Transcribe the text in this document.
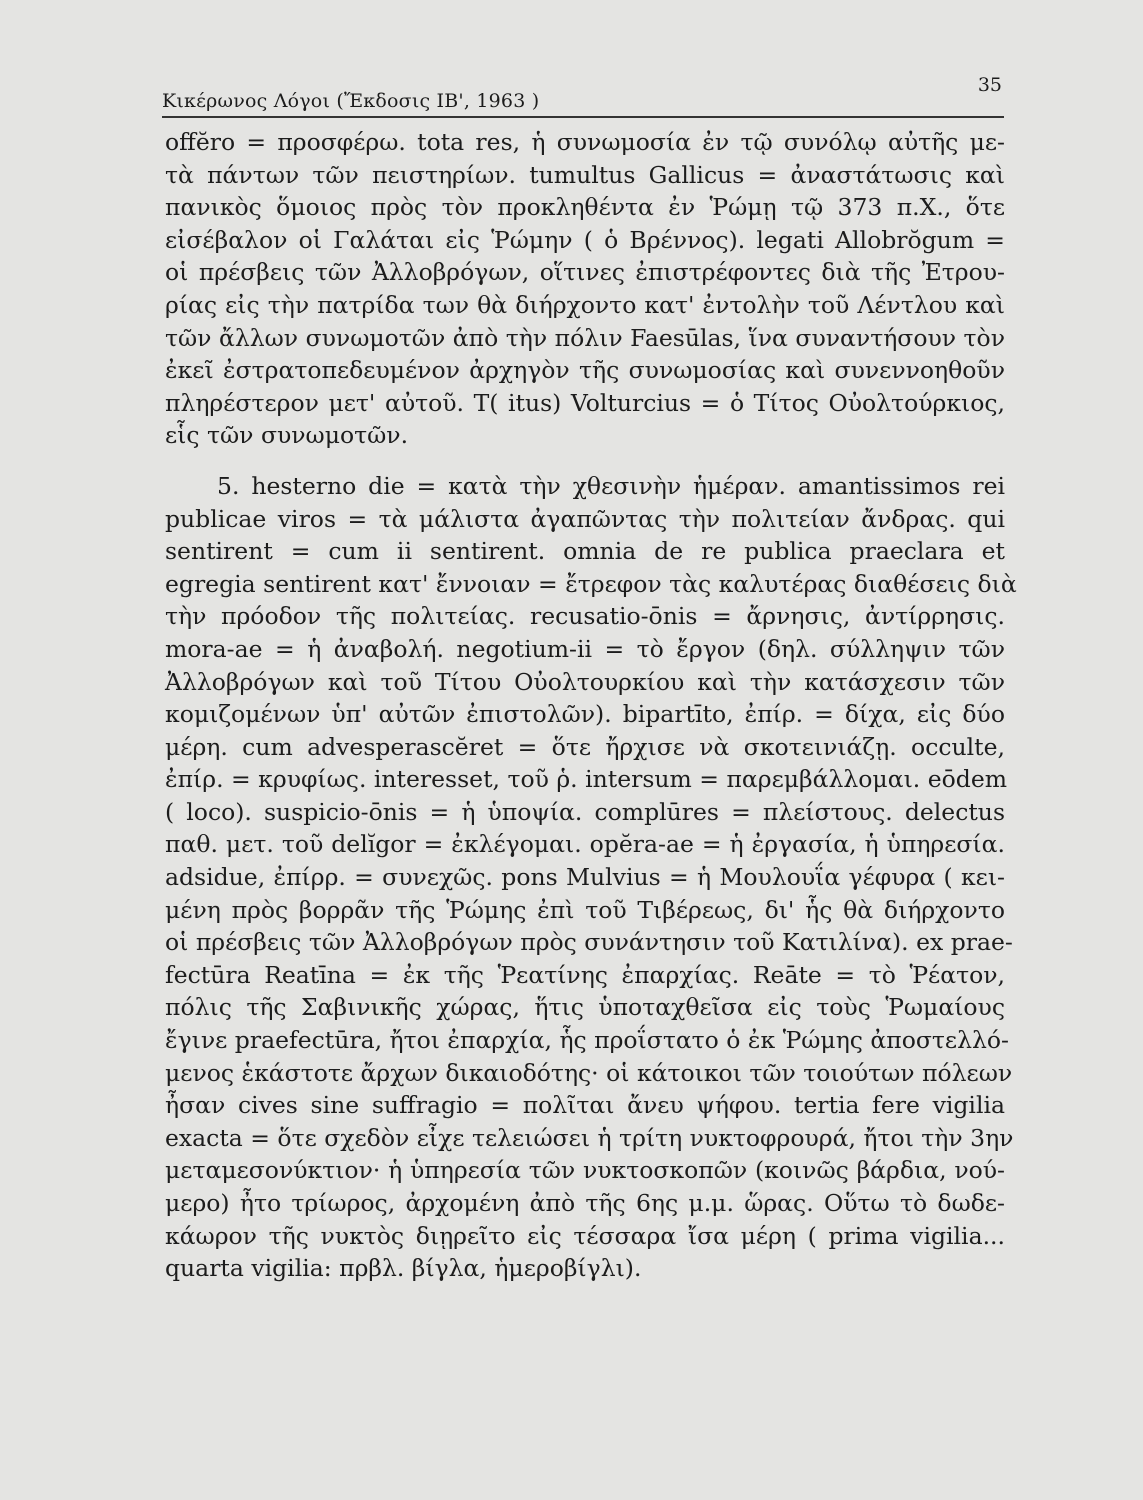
Κικέρωνος Λόγοι (Ἔκδοσις ΙΒ', 1963 )
35
offĕro = προσφέρω. tota res, ἡ συνωμοσία ἐν τῷ συνόλῳ αὐτῆς με-
τὰ πάντων τῶν πειστηρίων. tumultus Gallicus = ἀναστάτωσις καὶ
πανικὸς ὅμοιος πρὸς τὸν προκληθέντα ἐν Ῥώμῃ τῷ 373 π.Χ., ὅτε
εἰσέβαλον οἱ Γαλάται εἰς Ῥώμην ( ὁ Βρέννος). legati Allobrŏgum =
οἱ πρέσβεις τῶν Ἀλλοβρόγων, οἵτινες ἐπιστρέφοντες διὰ τῆς Ἐτρου-
ρίας εἰς τὴν πατρίδα των θὰ διήρχοντο κατ' ἐντολὴν τοῦ Λέντλου καὶ
τῶν ἄλλων συνωμοτῶν ἀπὸ τὴν πόλιν Faesūlas, ἵνα συναντήσουν τὸν
ἐκεῖ ἐστρατοπεδευμένον ἀρχηγὸν τῆς συνωμοσίας καὶ συνεννοηθοῦν
πληρέστερον μετ' αὐτοῦ. T( itus) Volturcius = ὁ Τίτος Οὐολτούρκιος,
εἷς τῶν συνωμοτῶν.
5. hesterno die = κατὰ τὴν χθεσινὴν ἡμέραν. amantissimos rei
publicae viros = τὰ μάλιστα ἀγαπῶντας τὴν πολιτείαν ἄνδρας. qui
sentirent = cum ii sentirent. omnia de re publica praeclara et
egregia sentirent κατ' ἔννοιαν = ἔτρεφον τὰς καλυτέρας διαθέσεις διὰ
τὴν πρόοδον τῆς πολιτείας. recusatio-ōnis = ἄρνησις, ἀντίρρησις.
mora-ae = ἡ ἀναβολή. negotium-ii = τὸ ἔργον (δηλ. σύλληψιν τῶν
Ἀλλοβρόγων καὶ τοῦ Τίτου Οὐολτουρκίου καὶ τὴν κατάσχεσιν τῶν
κομιζομένων ὑπ' αὐτῶν ἐπιστολῶν). bipartīto, ἐπίρ. = δίχα, εἰς δύο
μέρη. cum advesperascĕret = ὅτε ἤρχισε νὰ σκοτεινιάζῃ. occulte,
ἐπίρ. = κρυφίως. interesset, τοῦ ῥ. intersum = παρεμβάλλομαι. eōdem
( loco). suspicio-ōnis = ἡ ὑποψία. complūres = πλείστους. delectus
παθ. μετ. τοῦ delĭgor = ἐκλέγομαι. opĕra-ae = ἡ ἐργασία, ἡ ὑπηρεσία.
adsidue, ἐπίρρ. = συνεχῶς. pons Mulvius = ἡ Μουλουΐα γέφυρα ( κει-
μένη πρὸς βορρᾶν τῆς Ῥώμης ἐπὶ τοῦ Τιβέρεως, δι' ἧς θὰ διήρχοντο
οἱ πρέσβεις τῶν Ἀλλοβρόγων πρὸς συνάντησιν τοῦ Κατιλίνα). ex prae-
fectūra Reatīna = ἐκ τῆς Ῥεατίνης ἐπαρχίας. Reāte = τὸ Ῥέατον,
πόλις τῆς Σαβινικῆς χώρας, ἥτις ὑποταχθεῖσα εἰς τοὺς Ῥωμαίους
ἔγινε praefectūra, ἤτοι ἐπαρχία, ἧς προΐστατο ὁ ἐκ Ῥώμης ἀποστελλό-
μενος ἑκάστοτε ἄρχων δικαιοδότης· οἱ κάτοικοι τῶν τοιούτων πόλεων
ἦσαν cives sine suffragio = πολῖται ἄνευ ψήφου. tertia fere vigilia
exacta = ὅτε σχεδὸν εἶχε τελειώσει ἡ τρίτη νυκτοφρουρά, ἤτοι τὴν 3ην
μεταμεσονύκτιον· ἡ ὑπηρεσία τῶν νυκτοσκοπῶν (κοινῶς βάρδια, νού-
μερο) ἦτο τρίωρος, ἀρχομένη ἀπὸ τῆς 6ης μ.μ. ὥρας. Οὕτω τὸ δωδε-
κάωρον τῆς νυκτὸς διῃρεῖτο εἰς τέσσαρα ἴσα μέρη ( prima vigilia...
quarta vigilia: πρβλ. βίγλα, ἡμεροβίγλι).
